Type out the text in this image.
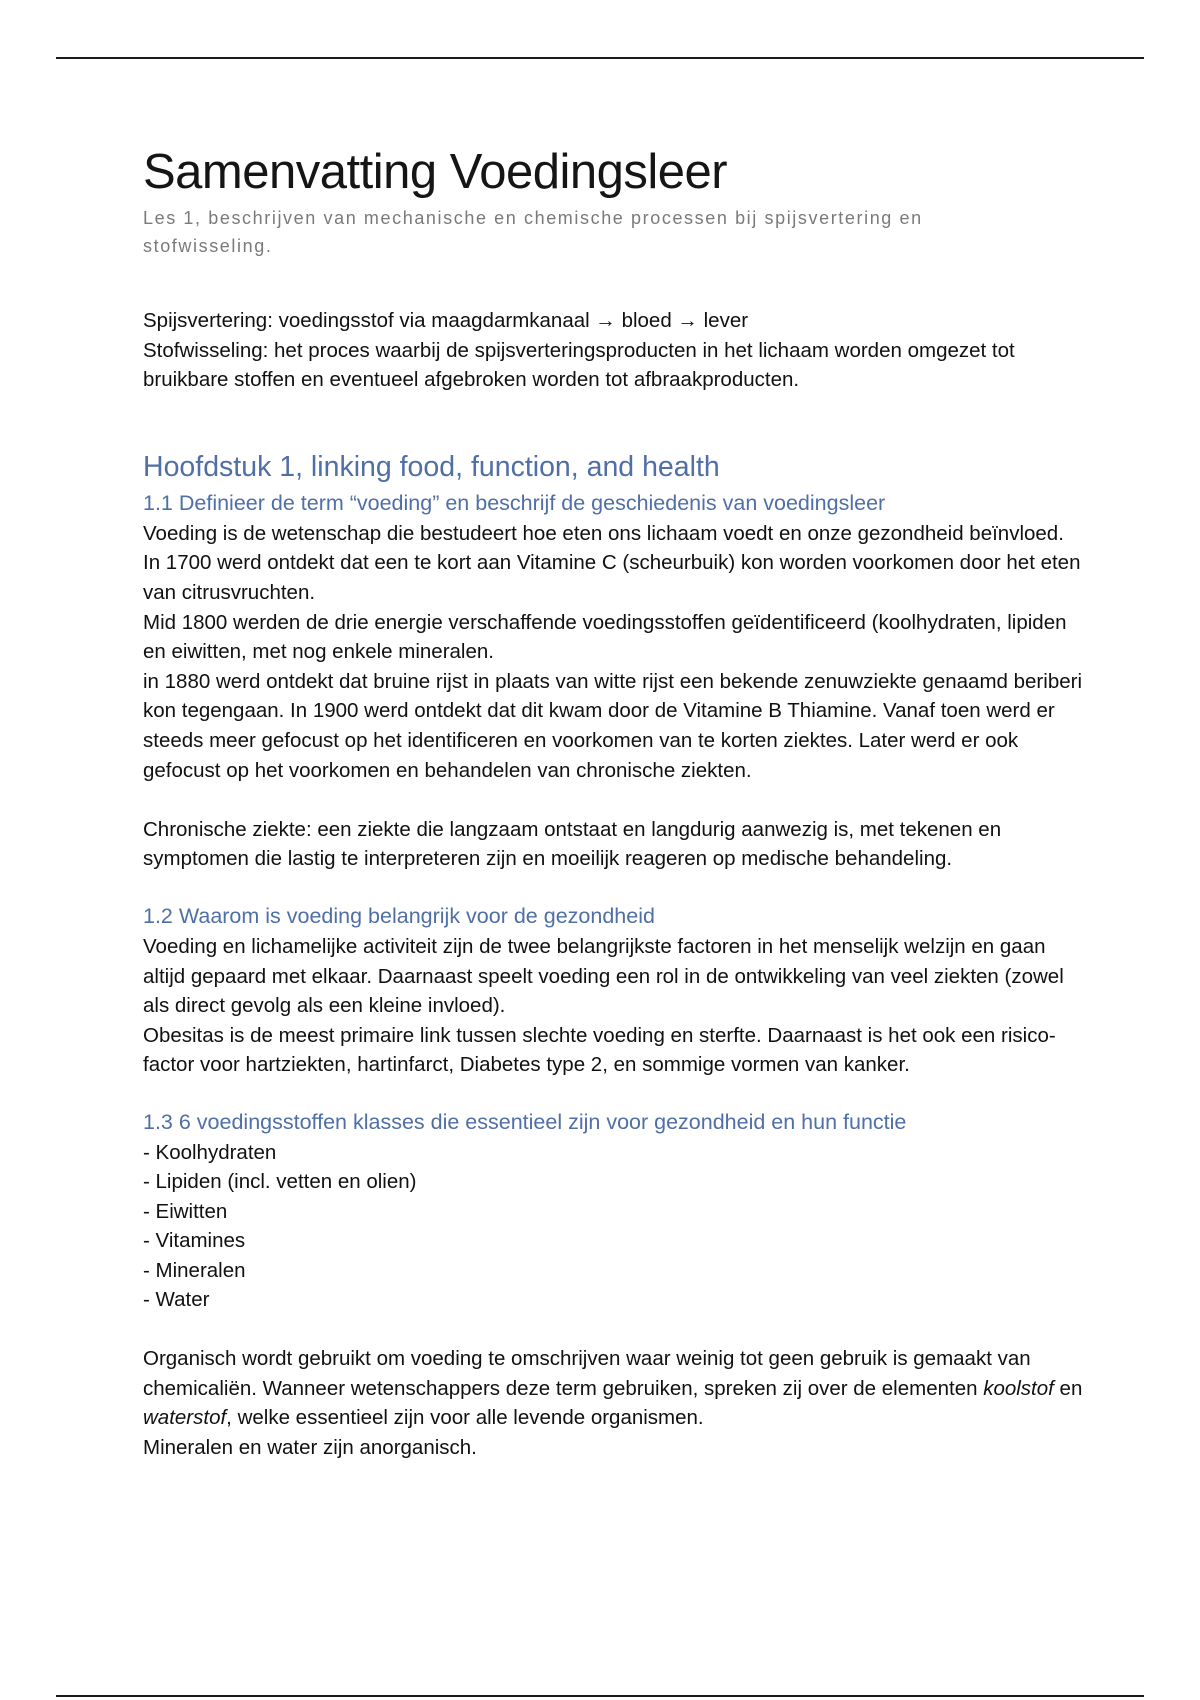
Samenvatting Voedingsleer

Les 1, beschrijven van mechanische en chemische processen bij spijsvertering en stofwisseling.

Spijsvertering: voedingsstof via maagdarmkanaal → bloed → lever

Stofwisseling: het proces waarbij de spijsverteringsproducten in het lichaam worden omgezet tot bruikbare stoffen en eventueel afgebroken worden tot afbraakproducten.

Hoofdstuk 1, linking food, function, and health
1.1 Definieer de term “voeding” en beschrijf de geschiedenis van voedingsleer

Voeding is de wetenschap die bestudeert hoe eten ons lichaam voedt en onze gezondheid beïnvloed.

In 1700 werd ontdekt dat een te kort aan Vitamine C (scheurbuik) kon worden voorkomen door het eten van citrusvruchten.

Mid 1800 werden de drie energie verschaffende voedingsstoffen geïdentificeerd (koolhydraten, lipiden en eiwitten, met nog enkele mineralen.

in 1880 werd ontdekt dat bruine rijst in plaats van witte rijst een bekende zenuwziekte genaamd beriberi kon tegengaan. In 1900 werd ontdekt dat dit kwam door de Vitamine B Thiamine. Vanaf toen werd er steeds meer gefocust op het identificeren en voorkomen van te korten ziektes. Later werd er ook gefocust op het voorkomen en behandelen van chronische ziekten.

Chronische ziekte: een ziekte die langzaam ontstaat en langdurig aanwezig is, met tekenen en symptomen die lastig te interpreteren zijn en moeilijk reageren op medische behandeling.

1.2 Waarom is voeding belangrijk voor de gezondheid

Voeding en lichamelijke activiteit zijn de twee belangrijkste factoren in het menselijk welzijn en gaan altijd gepaard met elkaar. Daarnaast speelt voeding een rol in de ontwikkeling van veel ziekten (zowel als direct gevolg als een kleine invloed).

Obesitas is de meest primaire link tussen slechte voeding en sterfte. Daarnaast is het ook een risico-factor voor hartziekten, hartinfarct, Diabetes type 2, en sommige vormen van kanker.

1.3 6 voedingsstoffen klasses die essentieel zijn voor gezondheid en hun functie
- Koolhydraten
- Lipiden (incl. vetten en olien)
- Eiwitten
- Vitamines
- Mineralen
- Water

Organisch wordt gebruikt om voeding te omschrijven waar weinig tot geen gebruik is gemaakt van chemicaliën. Wanneer wetenschappers deze term gebruiken, spreken zij over de elementen koolstof en waterstof, welke essentieel zijn voor alle levende organismen.

Mineralen en water zijn anorganisch.
